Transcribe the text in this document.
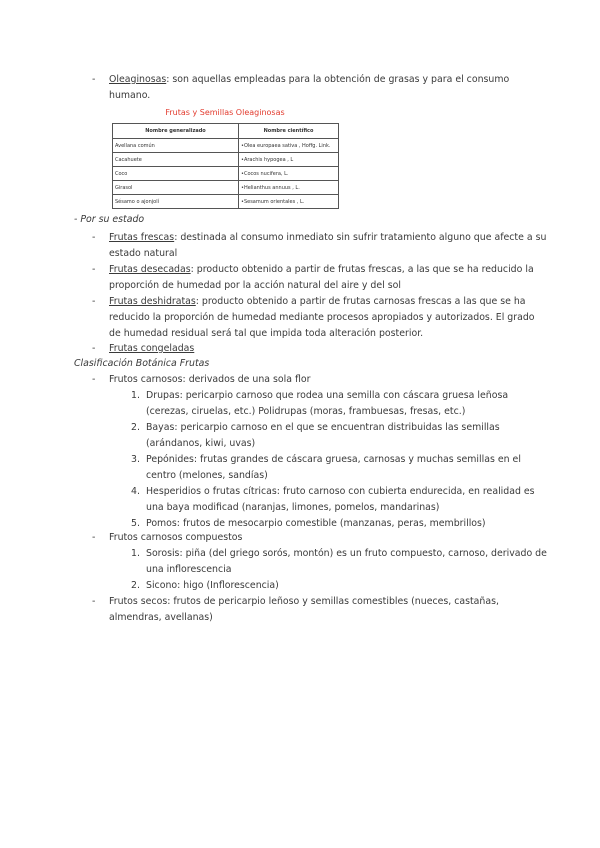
- Oleaginosas: son aquellas empleadas para la obtención de grasas y para el consumo
humano.
Frutas y Semillas Oleaginosas
Nombre generalizado	Nombre científico
Avellana común	•Olea europaea sativa , Hoffg. Link.
Cacahuete	•Arachis hypogea , L
Coco	•Cocos nucifera, L.
Girasol	•Helianthus annuus , L.
Sésamo o ajonjolí	•Sesamum orientales , L.
- Por su estado
- Frutas frescas: destinada al consumo inmediato sin sufrir tratamiento alguno que afecte a su
estado natural
- Frutas desecadas: producto obtenido a partir de frutas frescas, a las que se ha reducido la
proporción de humedad por la acción natural del aire y del sol
- Frutas deshidratas: producto obtenido a partir de frutas carnosas frescas a las que se ha
reducido la proporción de humedad mediante procesos apropiados y autorizados. El grado
de humedad residual será tal que impida toda alteración posterior.
- Frutas congeladas
Clasificación Botánica Frutas
- Frutos carnosos: derivados de una sola flor
1. Drupas: pericarpio carnoso que rodea una semilla con cáscara gruesa leñosa
(cerezas, ciruelas, etc.) Polidrupas (moras, frambuesas, fresas, etc.)
2. Bayas: pericarpio carnoso en el que se encuentran distribuidas las semillas
(arándanos, kiwi, uvas)
3. Pepónides: frutas grandes de cáscara gruesa, carnosas y muchas semillas en el
centro (melones, sandías)
4. Hesperidios o frutas cítricas: fruto carnoso con cubierta endurecida, en realidad es
una baya modificad (naranjas, limones, pomelos, mandarinas)
5. Pomos: frutos de mesocarpio comestible (manzanas, peras, membrillos)
- Frutos carnosos compuestos
1. Sorosis: piña (del griego sorós, montón) es un fruto compuesto, carnoso, derivado de
una inflorescencia
2. Sicono: higo (Inflorescencia)
- Frutos secos: frutos de pericarpio leñoso y semillas comestibles (nueces, castañas,
almendras, avellanas)
